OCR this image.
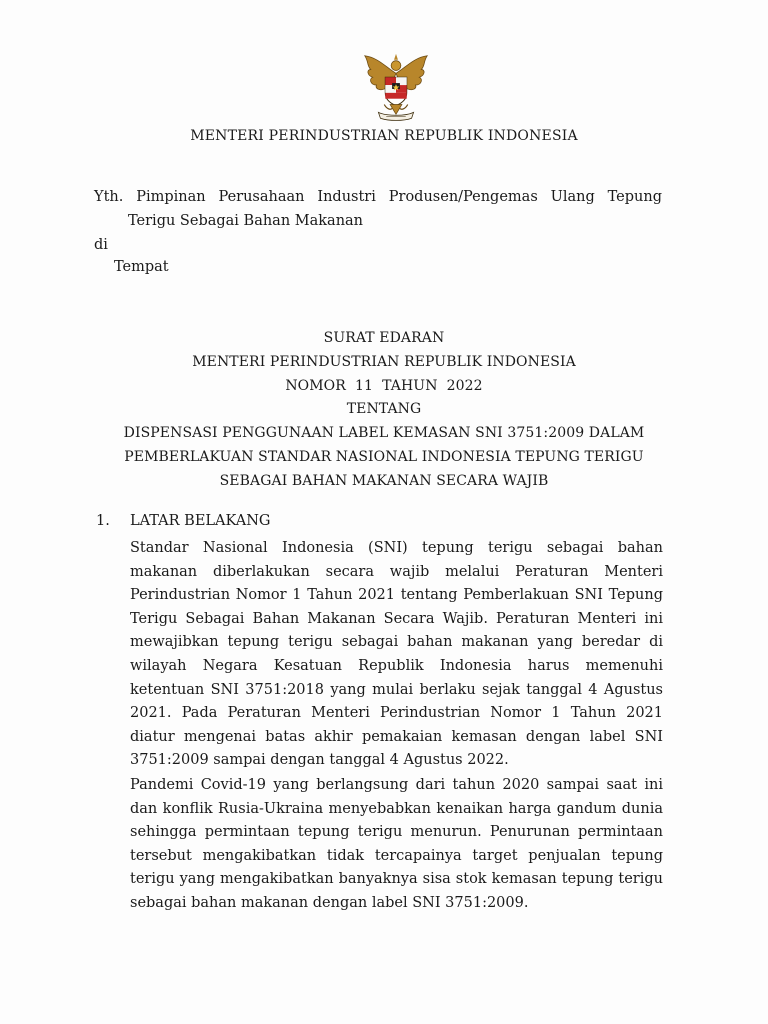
MENTERI PERINDUSTRIAN REPUBLIK INDONESIA
Yth. Pimpinan Perusahaan Industri Produsen/Pengemas Ulang Tepung
Terigu Sebagai Bahan Makanan
di
Tempat
SURAT EDARAN
MENTERI PERINDUSTRIAN REPUBLIK INDONESIA
NOMOR  11  TAHUN  2022
TENTANG
DISPENSASI PENGGUNAAN LABEL KEMASAN SNI 3751:2009 DALAM
PEMBERLAKUAN STANDAR NASIONAL INDONESIA TEPUNG TERIGU
SEBAGAI BAHAN MAKANAN SECARA WAJIB
1. LATAR BELAKANG
Standar Nasional Indonesia (SNI) tepung terigu sebagai bahan makanan diberlakukan secara wajib melalui Peraturan Menteri Perindustrian Nomor 1 Tahun 2021 tentang Pemberlakuan SNI Tepung Terigu Sebagai Bahan Makanan Secara Wajib. Peraturan Menteri ini mewajibkan tepung terigu sebagai bahan makanan yang beredar di wilayah Negara Kesatuan Republik Indonesia harus memenuhi ketentuan SNI 3751:2018 yang mulai berlaku sejak tanggal 4 Agustus 2021. Pada Peraturan Menteri Perindustrian Nomor 1 Tahun 2021 diatur mengenai batas akhir pemakaian kemasan dengan label SNI 3751:2009 sampai dengan tanggal 4 Agustus 2022.
Pandemi Covid-19 yang berlangsung dari tahun 2020 sampai saat ini dan konflik Rusia-Ukraina menyebabkan kenaikan harga gandum dunia sehingga permintaan tepung terigu menurun. Penurunan permintaan tersebut mengakibatkan tidak tercapainya target penjualan tepung terigu yang mengakibatkan banyaknya sisa stok kemasan tepung terigu sebagai bahan makanan dengan label SNI 3751:2009.
